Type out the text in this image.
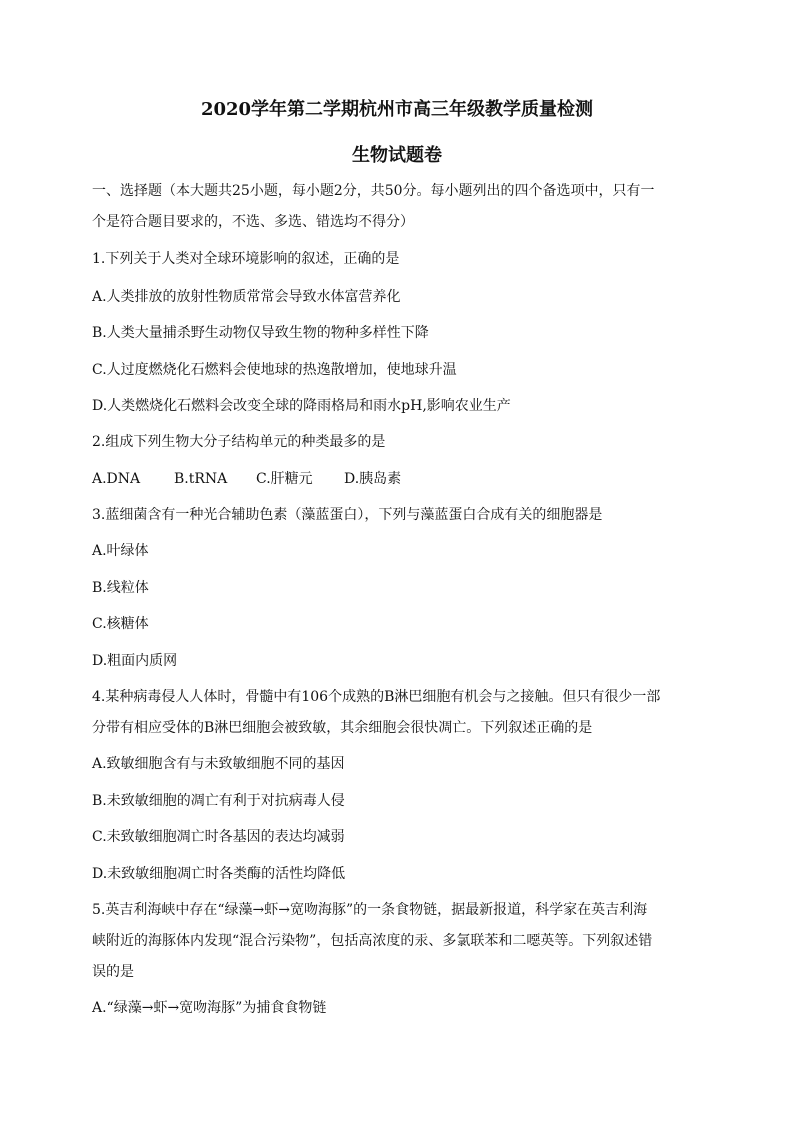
2020学年第二学期杭州市高三年级教学质量检测
生物试题卷
一、选择题（本大题共25小题，每小题2分，共50分。每小题列出的四个备选项中，只有一
个是符合题目要求的，不选、多选、错选均不得分）
1.下列关于人类对全球环境影响的叙述，正确的是
A.人类排放的放射性物质常常会导致水体富营养化
B.人类大量捕杀野生动物仅导致生物的物种多样性下降
C.人过度燃烧化石燃料会使地球的热逸散增加，使地球升温
D.人类燃烧化石燃料会改变全球的降雨格局和雨水pH,影响农业生产
2.组成下列生物大分子结构单元的种类最多的是
A.DNA B.tRNA C.肝糖元 D.胰岛素
3.蓝细菌含有一种光合辅助色素（藻蓝蛋白），下列与藻蓝蛋白合成有关的细胞器是
A.叶绿体
B.线粒体
C.核糖体
D.粗面内质网
4.某种病毒侵人人体时，骨髓中有106个成熟的B淋巴细胞有机会与之接触。但只有很少一部
分带有相应受体的B淋巴细胞会被致敏，其余细胞会很快凋亡。下列叙述正确的是
A.致敏细胞含有与未致敏细胞不同的基因
B.未致敏细胞的凋亡有利于对抗病毒人侵
C.未致敏细胞凋亡时各基因的表达均减弱
D.未致敏细胞凋亡时各类酶的活性均降低
5.英吉利海峡中存在“绿藻→虾→宽吻海豚”的一条食物链，据最新报道，科学家在英吉利海
峡附近的海豚体内发现“混合污染物”，包括高浓度的汞、多氯联苯和二噁英等。下列叙述错
误的是
A.“绿藻→虾→宽吻海豚”为捕食食物链
